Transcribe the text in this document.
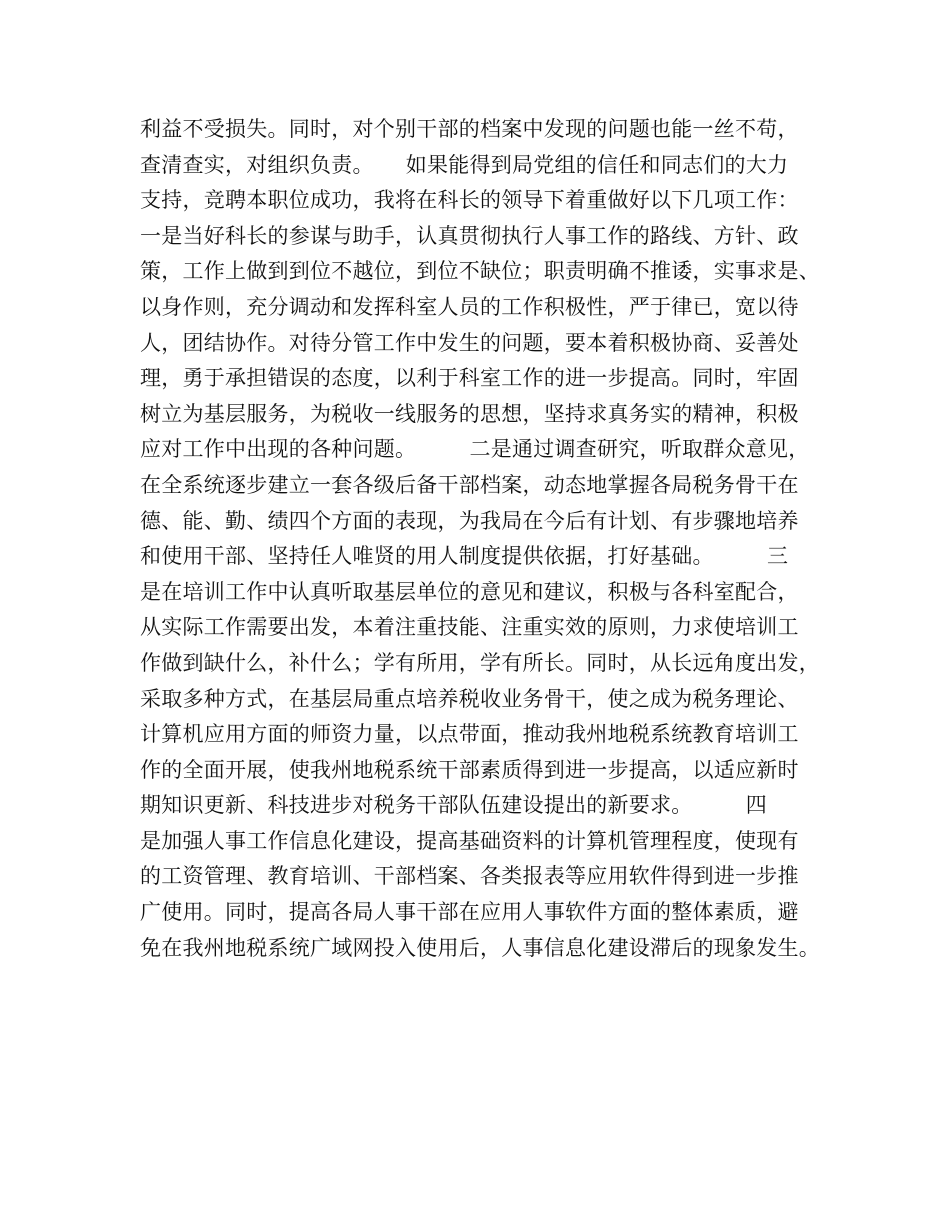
利益不受损失。同时，对个别干部的档案中发现的问题也能一丝不苟，
查清查实，对组织负责。　　如果能得到局党组的信任和同志们的大力
支持，竞聘本职位成功，我将在科长的领导下着重做好以下几项工作：
一是当好科长的参谋与助手，认真贯彻执行人事工作的路线、方针、政
策，工作上做到到位不越位，到位不缺位；职责明确不推诿，实事求是、
以身作则，充分调动和发挥科室人员的工作积极性，严于律已，宽以待
人，团结协作。对待分管工作中发生的问题，要本着积极协商、妥善处
理，勇于承担错误的态度，以利于科室工作的进一步提高。同时，牢固
树立为基层服务，为税收一线服务的思想，坚持求真务实的精神，积极
应对工作中出现的各种问题。　　　二是通过调查研究，听取群众意见，
在全系统逐步建立一套各级后备干部档案，动态地掌握各局税务骨干在
德、能、勤、绩四个方面的表现，为我局在今后有计划、有步骤地培养
和使用干部、坚持任人唯贤的用人制度提供依据，打好基础。　　　三
是在培训工作中认真听取基层单位的意见和建议，积极与各科室配合，
从实际工作需要出发，本着注重技能、注重实效的原则，力求使培训工
作做到缺什么，补什么；学有所用，学有所长。同时，从长远角度出发，
采取多种方式，在基层局重点培养税收业务骨干，使之成为税务理论、
计算机应用方面的师资力量，以点带面，推动我州地税系统教育培训工
作的全面开展，使我州地税系统干部素质得到进一步提高，以适应新时
期知识更新、科技进步对税务干部队伍建设提出的新要求。　　　四
是加强人事工作信息化建设，提高基础资料的计算机管理程度，使现有
的工资管理、教育培训、干部档案、各类报表等应用软件得到进一步推
广使用。同时，提高各局人事干部在应用人事软件方面的整体素质，避
免在我州地税系统广域网投入使用后，人事信息化建设滞后的现象发生。
